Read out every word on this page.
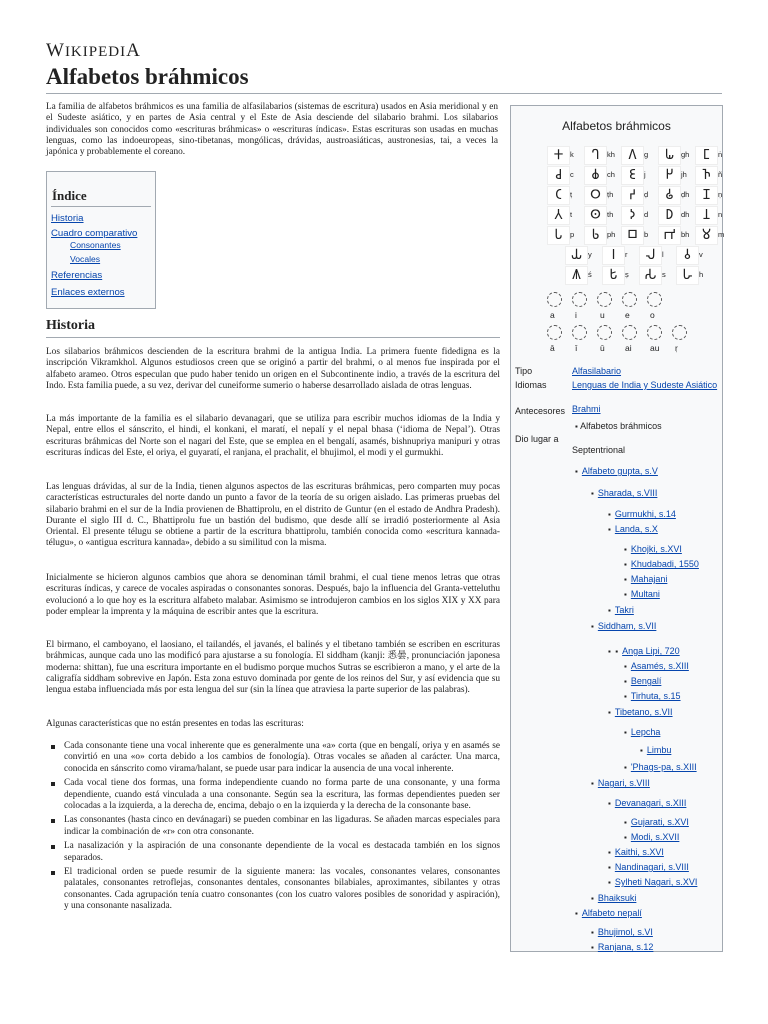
WIKIPEDIA
Alfabetos bráhmicos

La familia de alfabetos bráhmicos es una familia de alfasilabarios (sistemas de escritura) usados en Asia meridional y en el Sudeste asiático, y en partes de Asia central y el Este de Asia desciende del silabario brahmi. Los silabarios individuales son conocidos como «escrituras bráhmicas» o «escrituras índicas». Estas escrituras son usadas en muchas lenguas, como las indoeuropeas, sino-tibetanas, mongólicas, drávidas, austroasiáticas, austronesias, tai, a veces la japónica y probablemente el coreano.

Índice
Historia
Cuadro comparativo
Consonantes
Vocales
Referencias
Enlaces externos
Historia

Los silabarios bráhmicos descienden de la escritura brahmi de la antigua India. La primera fuente fidedigna es la inscripción Vikramkhol. Algunos estudiosos creen que se originó a partir del brahmi, o al menos fue inspirada por el alfabeto arameo. Otros especulan que pudo haber tenido un origen en el Subcontinente indio, a través de la escritura del Indo. Esta familia puede, a su vez, derivar del cuneiforme sumerio o haberse desarrollado aislada de otras lenguas.

La más importante de la familia es el silabario devanagari, que se utiliza para escribir muchos idiomas de la India y Nepal, entre ellos el sánscrito, el hindi, el konkani, el maratí, el nepalí y el nepal bhasa (‘idioma de Nepal’). Otras escrituras bráhmicas del Norte son el nagari del Este, que se emplea en el bengalí, asamés, bishnupriya manipuri y otras escrituras índicas del Este, el oriya, el guyaratí, el ranjana, el prachalit, el bhujimol, el modi y el gurmukhi.

Las lenguas drávidas, al sur de la India, tienen algunos aspectos de las escrituras bráhmicas, pero comparten muy pocas características estructurales del norte dando un punto a favor de la teoría de su origen aislado. Las primeras pruebas del silabario brahmi en el sur de la India provienen de Bhattiprolu, en el distrito de Guntur (en el estado de Andhra Pradesh). Durante el siglo III d. C., Bhattiprolu fue un bastión del budismo, que desde allí se irradió posteriormente al Asia Oriental. El presente télugu se obtiene a partir de la escritura bhattiprolu, también conocida como «escritura kannada-télugu», o «antigua escritura kannada», debido a su similitud con la misma.

Inicialmente se hicieron algunos cambios que ahora se denominan támil brahmi, el cual tiene menos letras que otras escrituras índicas, y carece de vocales aspiradas o consonantes sonoras. Después, bajo la influencia del Granta-vetteluthu evolucionó a lo que hoy es la escritura alfabeto malabar. Asimismo se introdujeron cambios en los siglos XIX y XX para poder emplear la imprenta y la máquina de escribir antes que la escritura.

El birmano, el camboyano, el laosiano, el tailandés, el javanés, el balinés y el tibetano también se escriben en escrituras bráhmicas, aunque cada uno las modificó para ajustarse a su fonología. El siddham (kanji: 悉曇, pronunciación japonesa moderna: shittan), fue una escritura importante en el budismo porque muchos Sutras se escribieron a mano, y el arte de la caligrafía siddham sobrevive en Japón. Esta zona estuvo dominada por gente de los reinos del Sur, y así evidencia que su lengua estaba influenciada más por esta lengua del sur (sin la línea que atraviesa la parte superior de las palabras).

Algunas características que no están presentes en todas las escrituras:

Cada consonante tiene una vocal inherente que es generalmente una «a» corta (que en bengalí, oriya y en asamés se convirtió en una «o» corta debido a los cambios de fonología). Otras vocales se añaden al carácter. Una marca, conocida en sánscrito como virama/halant, se puede usar para indicar la ausencia de una vocal inherente.
Cada vocal tiene dos formas, una forma independiente cuando no forma parte de una consonante, y una forma dependiente, cuando está vinculada a una consonante. Según sea la escritura, las formas dependientes pueden ser colocadas a la izquierda, a la derecha de, encima, debajo o en la izquierda y la derecha de la consonante base.
Las consonantes (hasta cinco en devánagari) se pueden combinar en las ligaduras. Se añaden marcas especiales para indicar la combinación de «r» con otra consonante.
La nasalización y la aspiración de una consonante dependiente de la vocal es destacada también en los signos separados.
El tradicional orden se puede resumir de la siguiente manera: las vocales, consonantes velares, consonantes palatales, consonantes retroflejas, consonantes dentales, consonantes bilabiales, aproximantes, sibilantes y otras consonantes. Cada agrupación tenía cuatro consonantes (con los cuatro valores posibles de sonoridad y aspiración), y una consonante nasalizada.
Alfabetos bráhmicos
𑀓 k	𑀔 kh 𑀕 g	𑀖 gh 𑀗	ṅ
𑀘	c	𑀙 ch 𑀚	j	𑀛 jh	𑀜 ñ
𑀝	ṭ	𑀞 ṭh	𑀟	ḍ	𑀠 ḍh 𑀡	ṇ
𑀢 t	𑀣 th	𑀤	d	𑀥 dh 𑀦	n
𑀧 p	𑀨 ph 𑀩 b	𑀪 bh 𑀫 m
𑀬 y	𑀭	r	𑀮 l	𑀯	v
𑀰 ś	𑀱 ṣ	𑀲 s	𑀳 h
a i	u e o
ā ī	ū ai au ṛ
Tipo	Alfasilabario
Idiomas	Lenguas de India y Sudeste Asiático
Antecesores Brahmi
Dio lugar a
▪ Alfabetos bráhmicos
Septentrional
▪ Alfabeto gupta, s.V
▪ Sharada, s.VIII
▪ Gurmukhi, s.14
▪ Landa, s.X
▪ Khojki, s.XVI
▪ Khudabadi, 1550
▪ Mahajani
▪ Multani
▪ Takri
▪ Siddham, s.VII
▪  ▪ Anga Lipi, 720
▪ Asamés, s.XIII
▪ Bengalí
▪ Tirhuta, s.15
▪ Tibetano, s.VII
▪ Lepcha
▪ Limbu
▪ 'Phags-pa, s.XIII
▪ Nagari, s.VIII
▪ Devanagari, s.XIII
▪ Gujarati, s.XVI
▪ Modi, s.XVII
▪ Kaithi, s.XVI
▪ Nandinagari, s.VIII
▪ Sylheti Nagari, s.XVI
▪ Bhaiksuki
▪ Alfabeto nepalí
▪ Bhujimol, s.VI
▪ Ranjana, s.12
